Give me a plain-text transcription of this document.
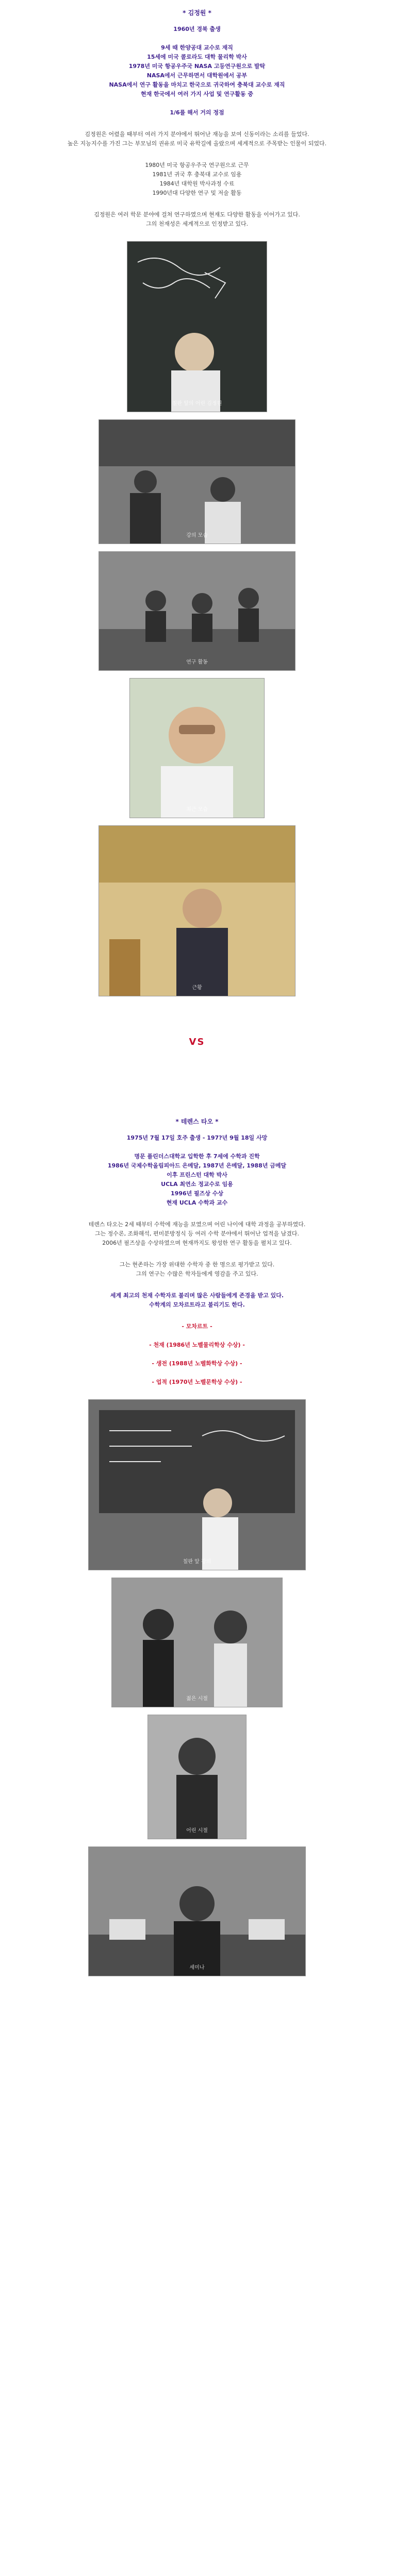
* 김정원 *

1960년 경북 출생

9세 때 한양공대 교수로 재직

15세에 미국 콜로라도 대학 물리학 박사

1978년 미국 항공우주국 NASA 고등연구원으로 발탁

NASA에서 근무하면서 대학원에서 공부

NASA에서 연구 활동을 마치고 한국으로 귀국하여 충북대 교수로 재직

현재 한국에서 여러 가지 사업 및 연구활동 중

1/6를 해서 거의 정점

김정원은 어렸을 때부터 여러 가지 분야에서 뛰어난 재능을 보여 신동이라는 소리를 들었다.

높은 지능지수를 가진 그는 부모님의 권유로 미국 유학길에 올랐으며 세계적으로 주목받는 인물이 되었다.

1980년 미국 항공우주국 연구원으로 근무

1981년 귀국 후 충북대 교수로 임용

1984년 대학원 박사과정 수료

1990년대 다양한 연구 및 저술 활동

김정원은 여러 학문 분야에 걸쳐 연구하였으며 현재도 다양한 활동을 이어가고 있다.

그의 천재성은 세계적으로 인정받고 있다.

칠판 앞의 어린 김정원
강의 모습
연구 활동
최근 모습
근황
VS
* 테렌스 타오 *

1975년 7월 17일 호주 출생 - 197?년 9월 18일 사망

명문 플린더스대학교 입학한 후 7세에 수학과 진학

1986년 국제수학올림피아드 은메달, 1987년 은메달, 1988년 금메달

이후 프린스턴 대학 박사

UCLA 최연소 정교수로 임용

1996년 필즈상 수상

현재 UCLA 수학과 교수

테렌스 타오는 2세 때부터 수학에 재능을 보였으며 어린 나이에 대학 과정을 공부하였다.

그는 정수론, 조화해석, 편미분방정식 등 여러 수학 분야에서 뛰어난 업적을 남겼다.

2006년 필즈상을 수상하였으며 현재까지도 왕성한 연구 활동을 펼치고 있다.

그는 현존하는 가장 위대한 수학자 중 한 명으로 평가받고 있다.

그의 연구는 수많은 학자들에게 영감을 주고 있다.

세계 최고의 천재 수학자로 불리며 많은 사람들에게 존경을 받고 있다.

수학계의 모차르트라고 불리기도 한다.

- 모차르트 -

- 천재 (1986년 노벨물리학상 수상) -

- 생전 (1988년 노벨화학상 수상) -

- 업적 (1970년 노벨문학상 수상) -

칠판 앞 강의
젊은 시절
어린 시절
세미나
